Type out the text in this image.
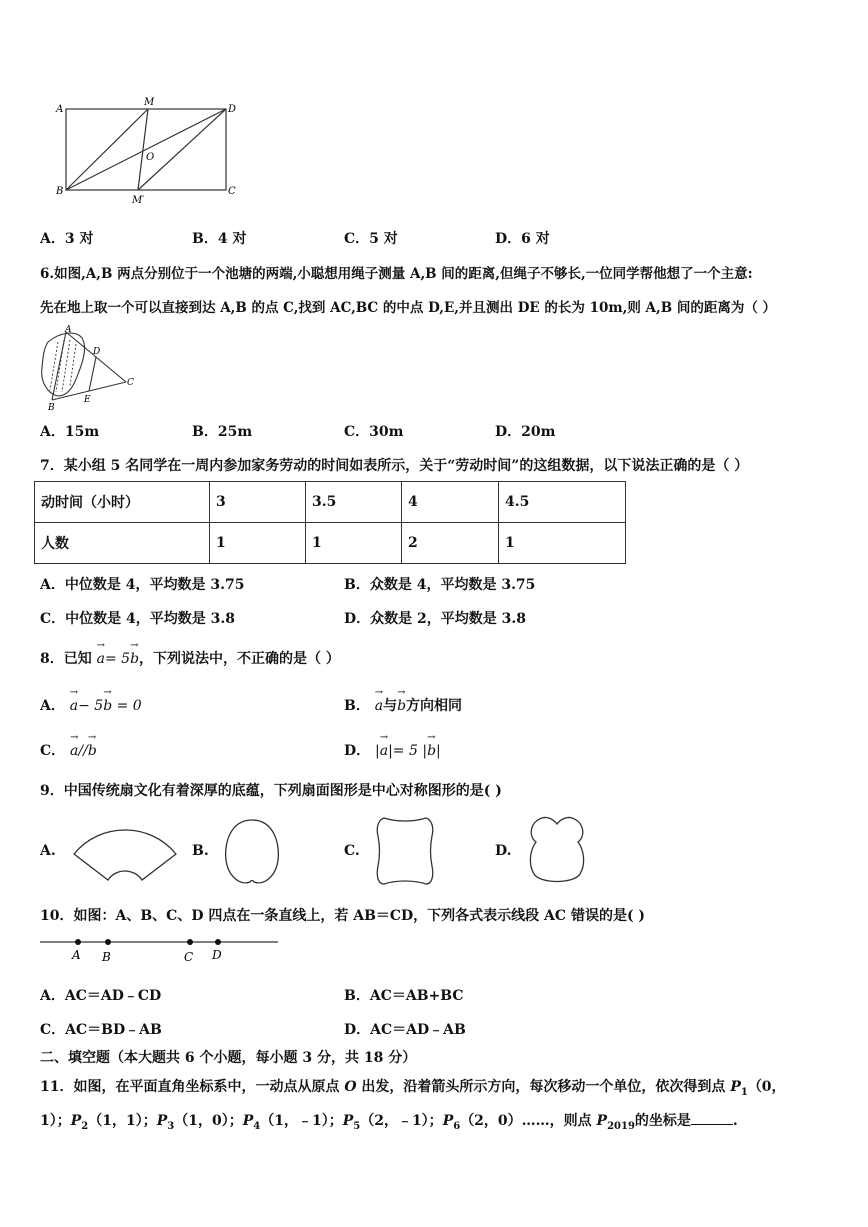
A
M
D
O
B
M′
C
A．3 对	B．4 对	C．5 对	D．6 对
6.如图,A,B 两点分别位于一个池塘的两端,小聪想用绳子测量 A,B 间的距离,但绳子不够长,一位同学帮他想了一个主意:
先在地上取一个可以直接到达 A,B 的点 C,找到 AC,BC 的中点 D,E,并且测出 DE 的长为 10m,则 A,B 间的距离为（ ）
A
D
C
B
E
A．15m	B．25m	C．30m	D．20m
7．某小组 5 名同学在一周内参加家务劳动的时间如表所示，关于“劳动时间”的这组数据，以下说法正确的是（ ）
动时间（小时）	3	3.5	4	4.5
人数	1	1	2	1
A．中位数是 4，平均数是 3.75	B．众数是 4，平均数是 3.75
C．中位数是 4，平均数是 3.8	D．众数是 2，平均数是 3.8
8．已知 → a= 5→ b，下列说法中，不正确的是（ ）
A． → a− 5→ b = 0	B． → a与→ b方向相同
C． → a//→ b	D． |→ a|= 5 |→ b|
9．中国传统扇文化有着深厚的底蕴，下列扇面图形是中心对称图形的是( )
A.	B.	C.	D.
10．如图：A、B、C、D 四点在一条直线上，若 AB＝CD，下列各式表示线段 AC 错误的是( )
A B	C D
A．AC＝AD﹣CD	B．AC＝AB+BC
C．AC＝BD﹣AB	D．AC＝AD﹣AB
二、填空题（本大题共 6 个小题，每小题 3 分，共 18 分）
11．如图，在平面直角坐标系中，一动点从原点 O 出发，沿着箭头所示方向，每次移动一个单位，依次得到点 $P_1(0$，
1）；$P_2(1$，1）；$P_3(1$，0）；$P_4(1$，﹣1）；$P_5(2$，﹣1）；$P_6(2$，0）……，则点 $P_{2019}$的坐标是	.
